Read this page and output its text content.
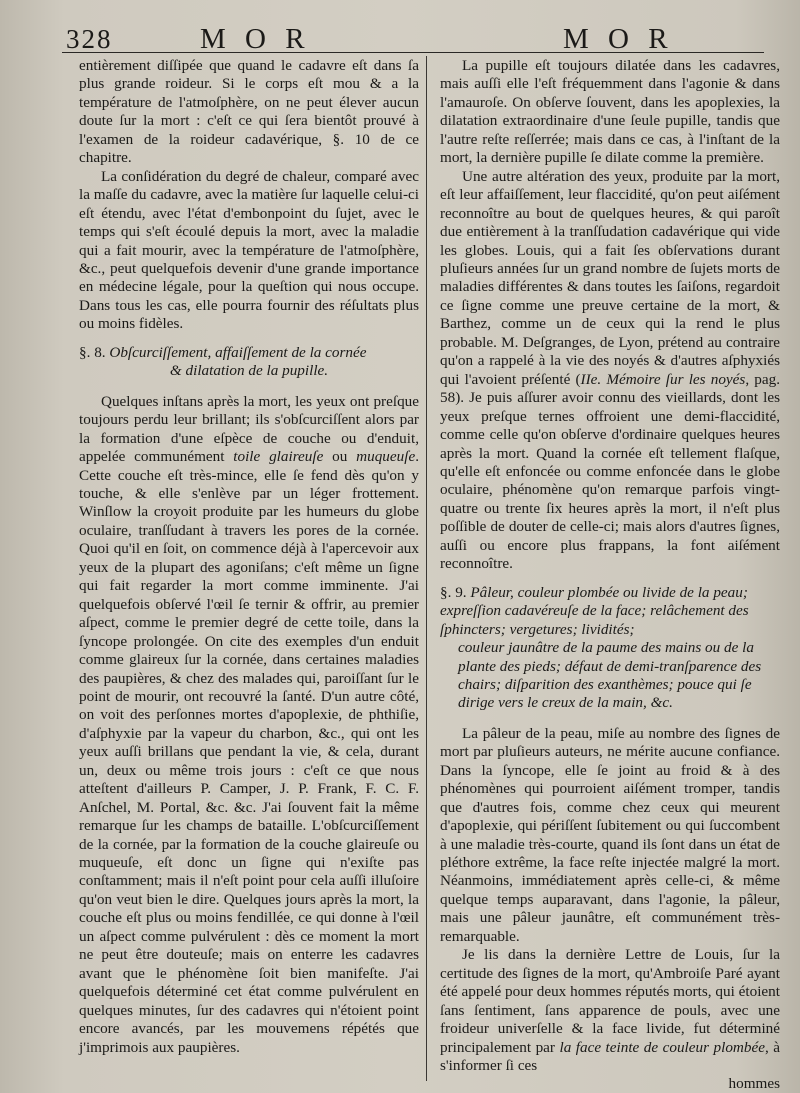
328	M O R	M O R

entièrement diſſipée que quand le cadavre eſt dans ſa plus grande roideur. Si le corps eſt mou & a la température de l'atmoſphère, on ne peut élever aucun doute ſur la mort : c'eſt ce qui ſera bientôt prouvé à l'examen de la roideur cadavérique, §. 10 de ce chapitre.

La conſidération du degré de chaleur, comparé avec la maſſe du cadavre, avec la matière ſur laquelle celui-ci eſt étendu, avec l'état d'embonpoint du ſujet, avec le temps qui s'eſt écoulé depuis la mort, avec la maladie qui a fait mourir, avec la température de l'atmoſphère, &c., peut quelquefois devenir d'une grande importance en médecine légale, pour la queſtion qui nous occupe. Dans tous les cas, elle pourra fournir des réſultats plus ou moins fidèles.

§. 8. Obſcurciſſement, affaiſſement de la cornée
& dilatation de la pupille.

Quelques inſtans après la mort, les yeux ont preſque toujours perdu leur brillant; ils s'obſcurciſſent alors par la formation d'une eſpèce de couche ou d'enduit, appelée communément toile glaireuſe ou muqueuſe. Cette couche eſt très-mince, elle ſe fend dès qu'on y touche, & elle s'enlève par un léger frottement. Winſlow la croyoit produite par les humeurs du globe oculaire, tranſſudant à travers les pores de la cornée. Quoi qu'il en ſoit, on commence déjà à l'apercevoir aux yeux de la plupart des agoniſans; c'eſt même un ſigne qui fait regarder la mort comme imminente. J'ai quelquefois obſervé l'œil ſe ternir & offrir, au premier aſpect, comme le premier degré de cette toile, dans la ſyncope prolongée. On cite des exemples d'un enduit comme glaireux ſur la cornée, dans certaines maladies des paupières, & chez des malades qui, paroiſſant ſur le point de mourir, ont recouvré la ſanté. D'un autre côté, on voit des perſonnes mortes d'apoplexie, de phthiſie, d'aſphyxie par la vapeur du charbon, &c., qui ont les yeux auſſi brillans que pendant la vie, & cela, durant un, deux ou même trois jours : c'eſt ce que nous atteſtent d'ailleurs P. Camper, J. P. Frank, F. C. F. Anſchel, M. Portal, &c. &c. J'ai ſouvent fait la même remarque ſur les champs de bataille. L'obſcurciſſement de la cornée, par la formation de la couche glaireuſe ou muqueuſe, eſt donc un ſigne qui n'exiſte pas conſtamment; mais il n'eſt point pour cela auſſi illuſoire qu'on veut bien le dire. Quelques jours après la mort, la couche eſt plus ou moins fendillée, ce qui donne à l'œil un aſpect comme pulvérulent : dès ce moment la mort ne peut être douteuſe; mais on enterre les cadavres avant que le phénomène ſoit bien manifeſte. J'ai quelquefois déterminé cet état comme pulvérulent en quelques minutes, ſur des cadavres qui n'étoient point encore avancés, par les mouvemens répétés que j'imprimois aux paupières.

La pupille eſt toujours dilatée dans les cadavres, mais auſſi elle l'eſt fréquemment dans l'agonie & dans l'amauroſe. On obſerve ſouvent, dans les apoplexies, la dilatation extraordinaire d'une ſeule pupille, tandis que l'autre reſte reſſerrée; mais dans ce cas, à l'inſtant de la mort, la dernière pupille ſe dilate comme la première.

Une autre altération des yeux, produite par la mort, eſt leur affaiſſement, leur flaccidité, qu'on peut aiſément reconnoître au bout de quelques heures, & qui paroît due entièrement à la tranſſudation cadavérique qui vide les globes. Louis, qui a fait ſes obſervations durant pluſieurs années ſur un grand nombre de ſujets morts de maladies différentes & dans toutes les ſaiſons, regardoit ce ſigne comme une preuve certaine de la mort, & Barthez, comme un de ceux qui la rend le plus probable. M. Deſgranges, de Lyon, prétend au contraire qu'on a rappelé à la vie des noyés & d'autres aſphyxiés qui l'avoient préſenté (IIe. Mémoire ſur les noyés, pag. 58). Je puis aſſurer avoir connu des vieillards, dont les yeux preſque ternes offroient une demi-flaccidité, comme celle qu'on obſerve d'ordinaire quelques heures après la mort. Quand la cornée eſt tellement flaſque, qu'elle eſt enfoncée ou comme enfoncée dans le globe oculaire, phénomène qu'on remarque parfois vingt-quatre ou trente ſix heures après la mort, il n'eſt plus poſſible de douter de celle-ci; mais alors d'autres ſignes, auſſi ou encore plus frappans, la font aiſément reconnoître.

§. 9. Pâleur, couleur plombée ou livide de la peau; expreſſion cadavéreuſe de la face; relâchement des ſphincters; vergetures; lividités;
couleur jaunâtre de la paume des mains ou de la plante des pieds; défaut de demi-tranſparence des chairs; diſparition des exanthèmes; pouce qui ſe dirige vers le creux de la main, &c.

La pâleur de la peau, miſe au nombre des ſignes de mort par pluſieurs auteurs, ne mérite aucune confiance. Dans la ſyncope, elle ſe joint au froid & à des phénomènes qui pourroient aiſément tromper, tandis que d'autres fois, comme chez ceux qui meurent d'apoplexie, qui périſſent ſubitement ou qui ſuccombent à une maladie très-courte, quand ils ſont dans un état de pléthore extrême, la face reſte injectée malgré la mort. Néanmoins, immédiatement après celle-ci, & même quelque temps auparavant, dans l'agonie, la pâleur, mais une pâleur jaunâtre, eſt communément très-remarquable.

Je lis dans la dernière Lettre de Louis, ſur la certitude des ſignes de la mort, qu'Ambroiſe Paré ayant été appelé pour deux hommes réputés morts, qui étoient ſans ſentiment, ſans apparence de pouls, avec une froideur univerſelle & la face livide, fut déterminé principalement par la face teinte de couleur plombée, à s'informer ſi ces

hommes
